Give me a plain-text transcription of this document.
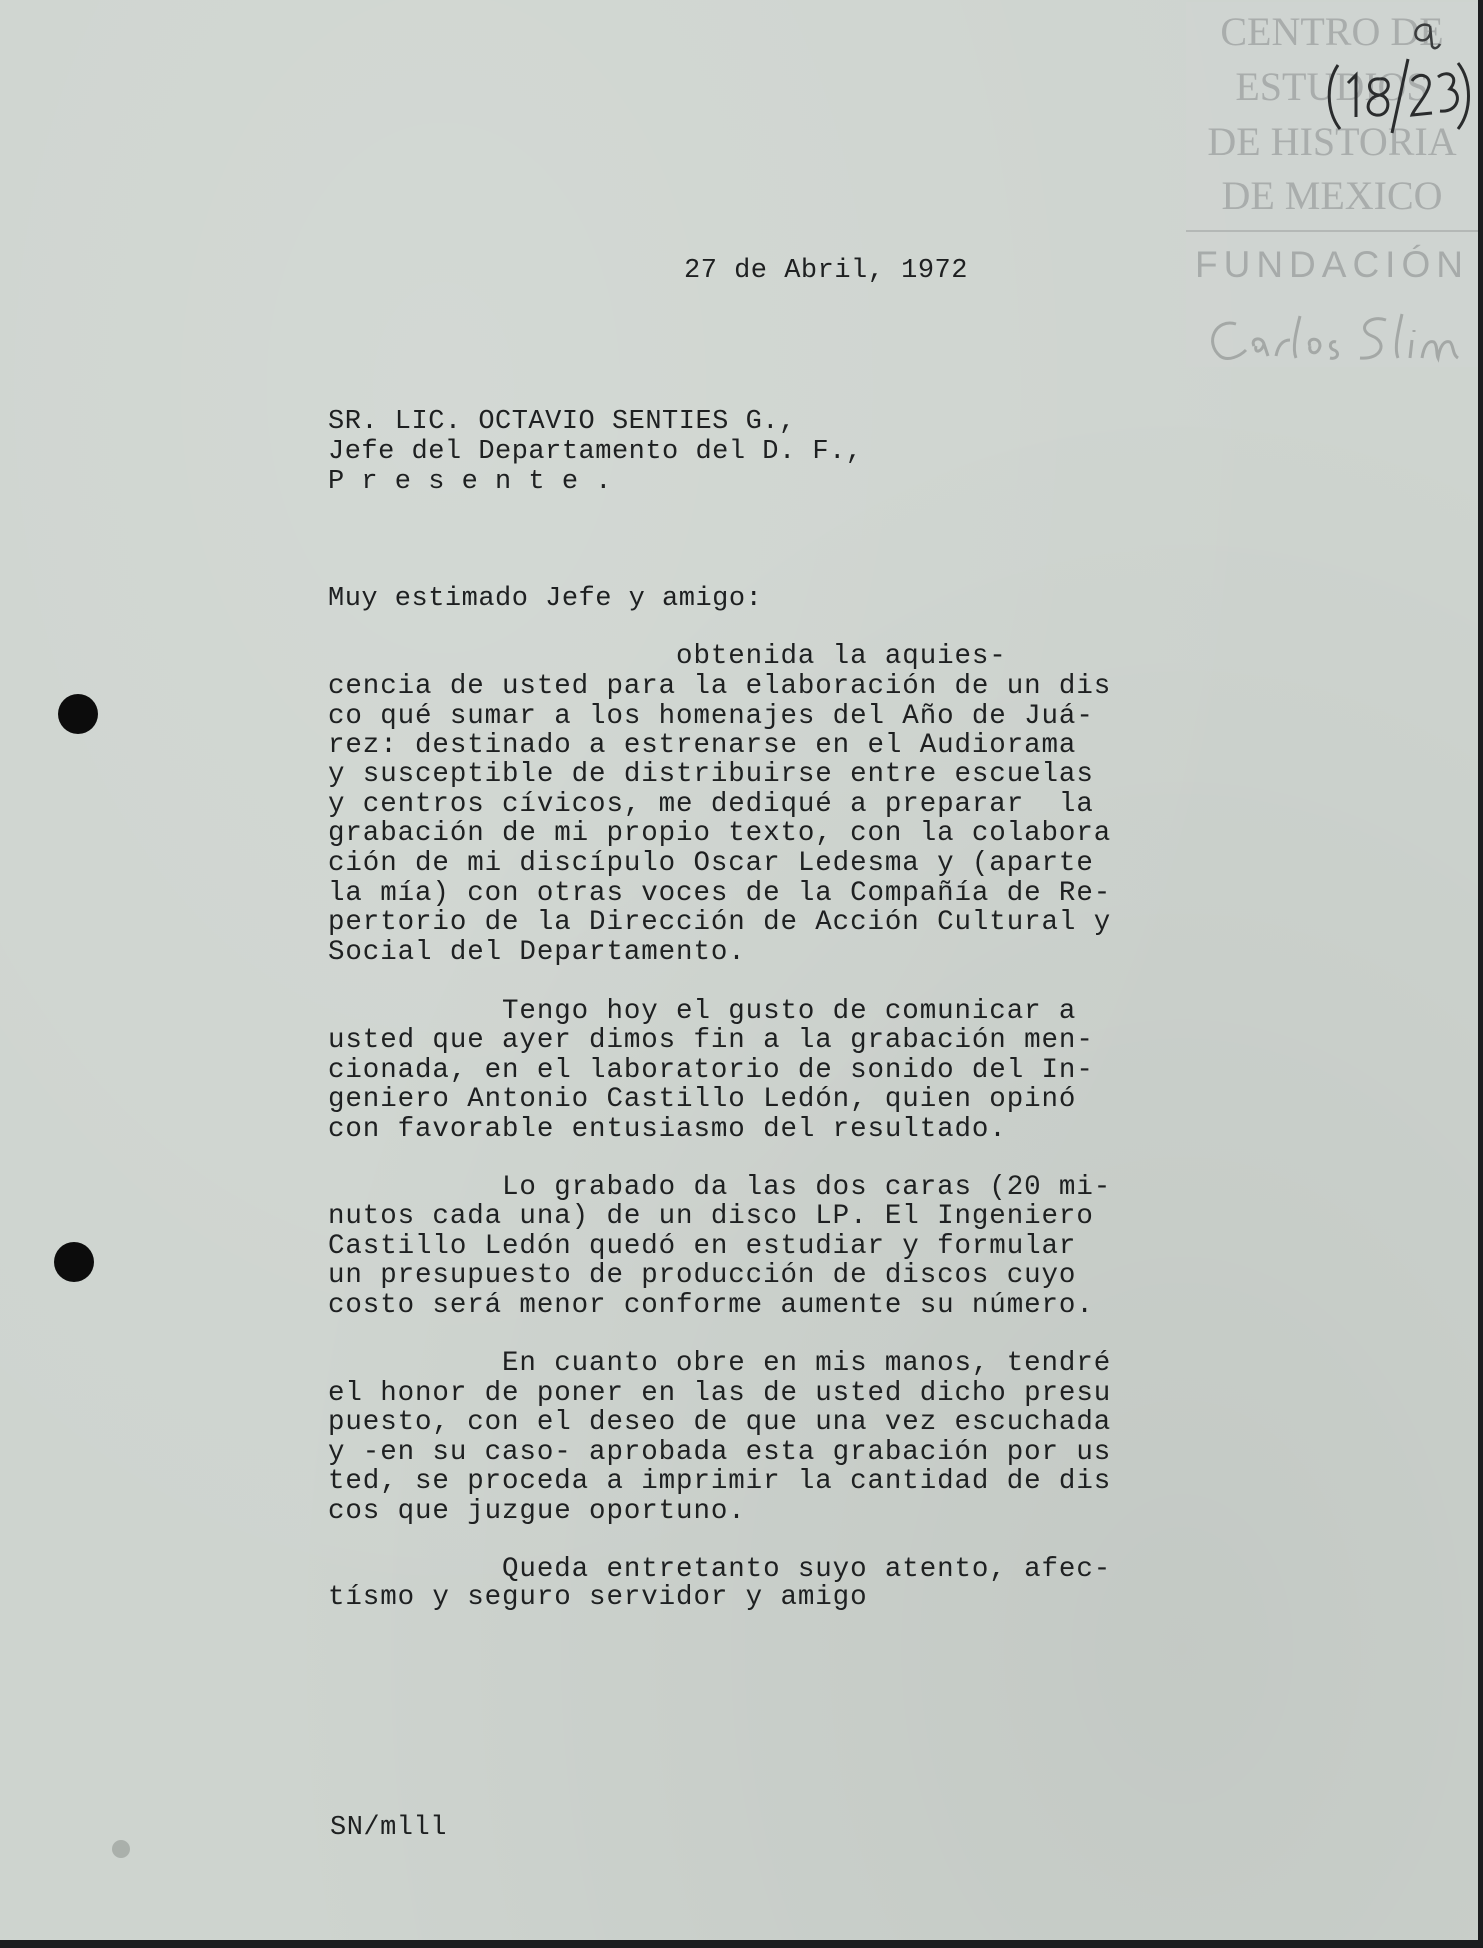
CENTRO DE
ESTUDIOS
DE HISTORIA
DE MEXICO
FUNDACIÓN
27 de Abril, 1972
SR. LIC. OCTAVIO SENTIES G.,
Jefe del Departamento del D. F.,
P r e s e n t e .
Muy estimado Jefe y amigo:
obtenida la aquies-
cencia de usted para la elaboración de un dis
co qué sumar a los homenajes del Año de Juá-
rez: destinado a estrenarse en el Audiorama
y susceptible de distribuirse entre escuelas
y centros cívicos, me dediqué a preparar  la
grabación de mi propio texto, con la colabora
ción de mi discípulo Oscar Ledesma y (aparte
la mía) con otras voces de la Compañía de Re-
pertorio de la Dirección de Acción Cultural y
Social del Departamento.
Tengo hoy el gusto de comunicar a
usted que ayer dimos fin a la grabación men-
cionada, en el laboratorio de sonido del In-
geniero Antonio Castillo Ledón, quien opinó
con favorable entusiasmo del resultado.
Lo grabado da las dos caras (20 mi-
nutos cada una) de un disco LP. El Ingeniero
Castillo Ledón quedó en estudiar y formular
un presupuesto de producción de discos cuyo
costo será menor conforme aumente su número.
En cuanto obre en mis manos, tendré
el honor de poner en las de usted dicho presu
puesto, con el deseo de que una vez escuchada
y -en su caso- aprobada esta grabación por us
ted, se proceda a imprimir la cantidad de dis
cos que juzgue oportuno.
Queda entretanto suyo atento, afec-
tísmo y seguro servidor y amigo
SN/mlll
